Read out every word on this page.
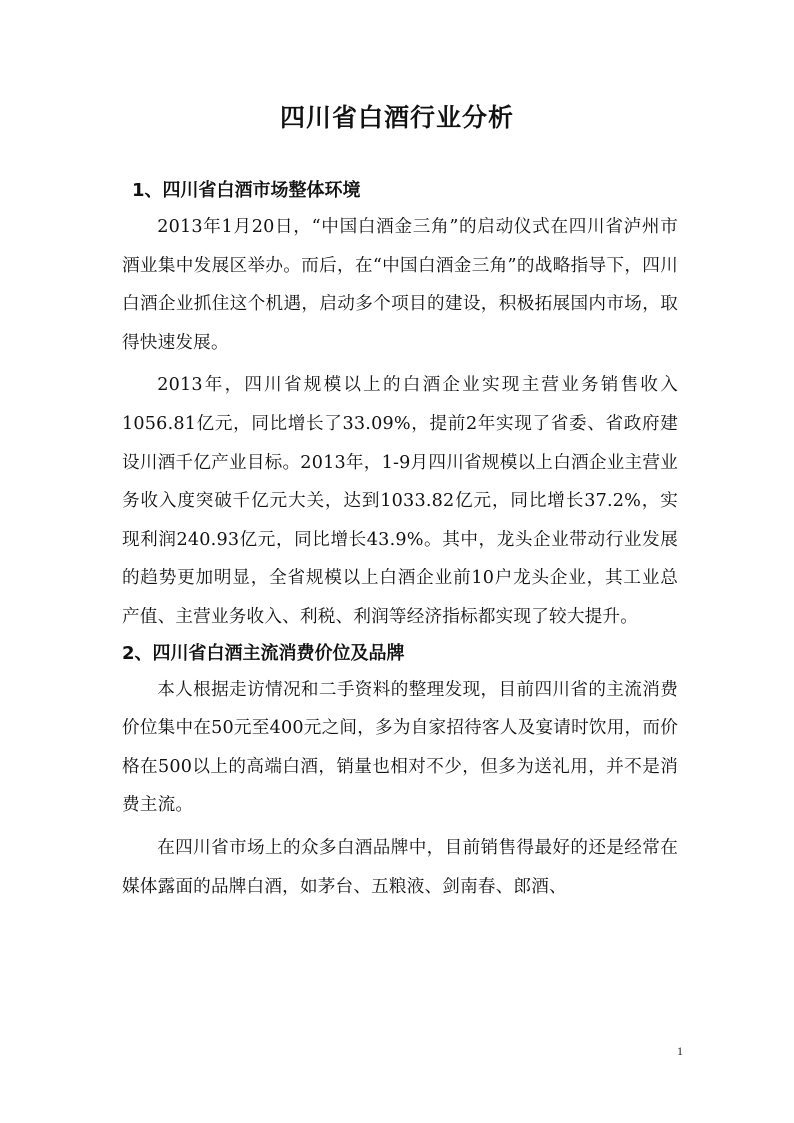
四川省白酒行业分析
1、四川省白酒市场整体环境

2013年1月20日，“中国白酒金三角”的启动仪式在四川省泸州市酒业集中发展区举办。而后，在“中国白酒金三角”的战略指导下，四川白酒企业抓住这个机遇，启动多个项目的建设，积极拓展国内市场，取得快速发展。

2013年，四川省规模以上的白酒企业实现主营业务销售收入1056.81亿元，同比增长了33.09%，提前2年实现了省委、省政府建设川酒千亿产业目标。2013年，1-9月四川省规模以上白酒企业主营业务收入度突破千亿元大关，达到1033.82亿元，同比增长37.2%，实现利润240.93亿元，同比增长43.9%。其中，龙头企业带动行业发展的趋势更加明显，全省规模以上白酒企业前10户龙头企业，其工业总产值、主营业务收入、利税、利润等经济指标都实现了较大提升。

2、四川省白酒主流消费价位及品牌

本人根据走访情况和二手资料的整理发现，目前四川省的主流消费价位集中在50元至400元之间，多为自家招待客人及宴请时饮用，而价格在500以上的高端白酒，销量也相对不少，但多为送礼用，并不是消费主流。

在四川省市场上的众多白酒品牌中，目前销售得最好的还是经常在媒体露面的品牌白酒，如茅台、五粮液、剑南春、郎酒、

1
